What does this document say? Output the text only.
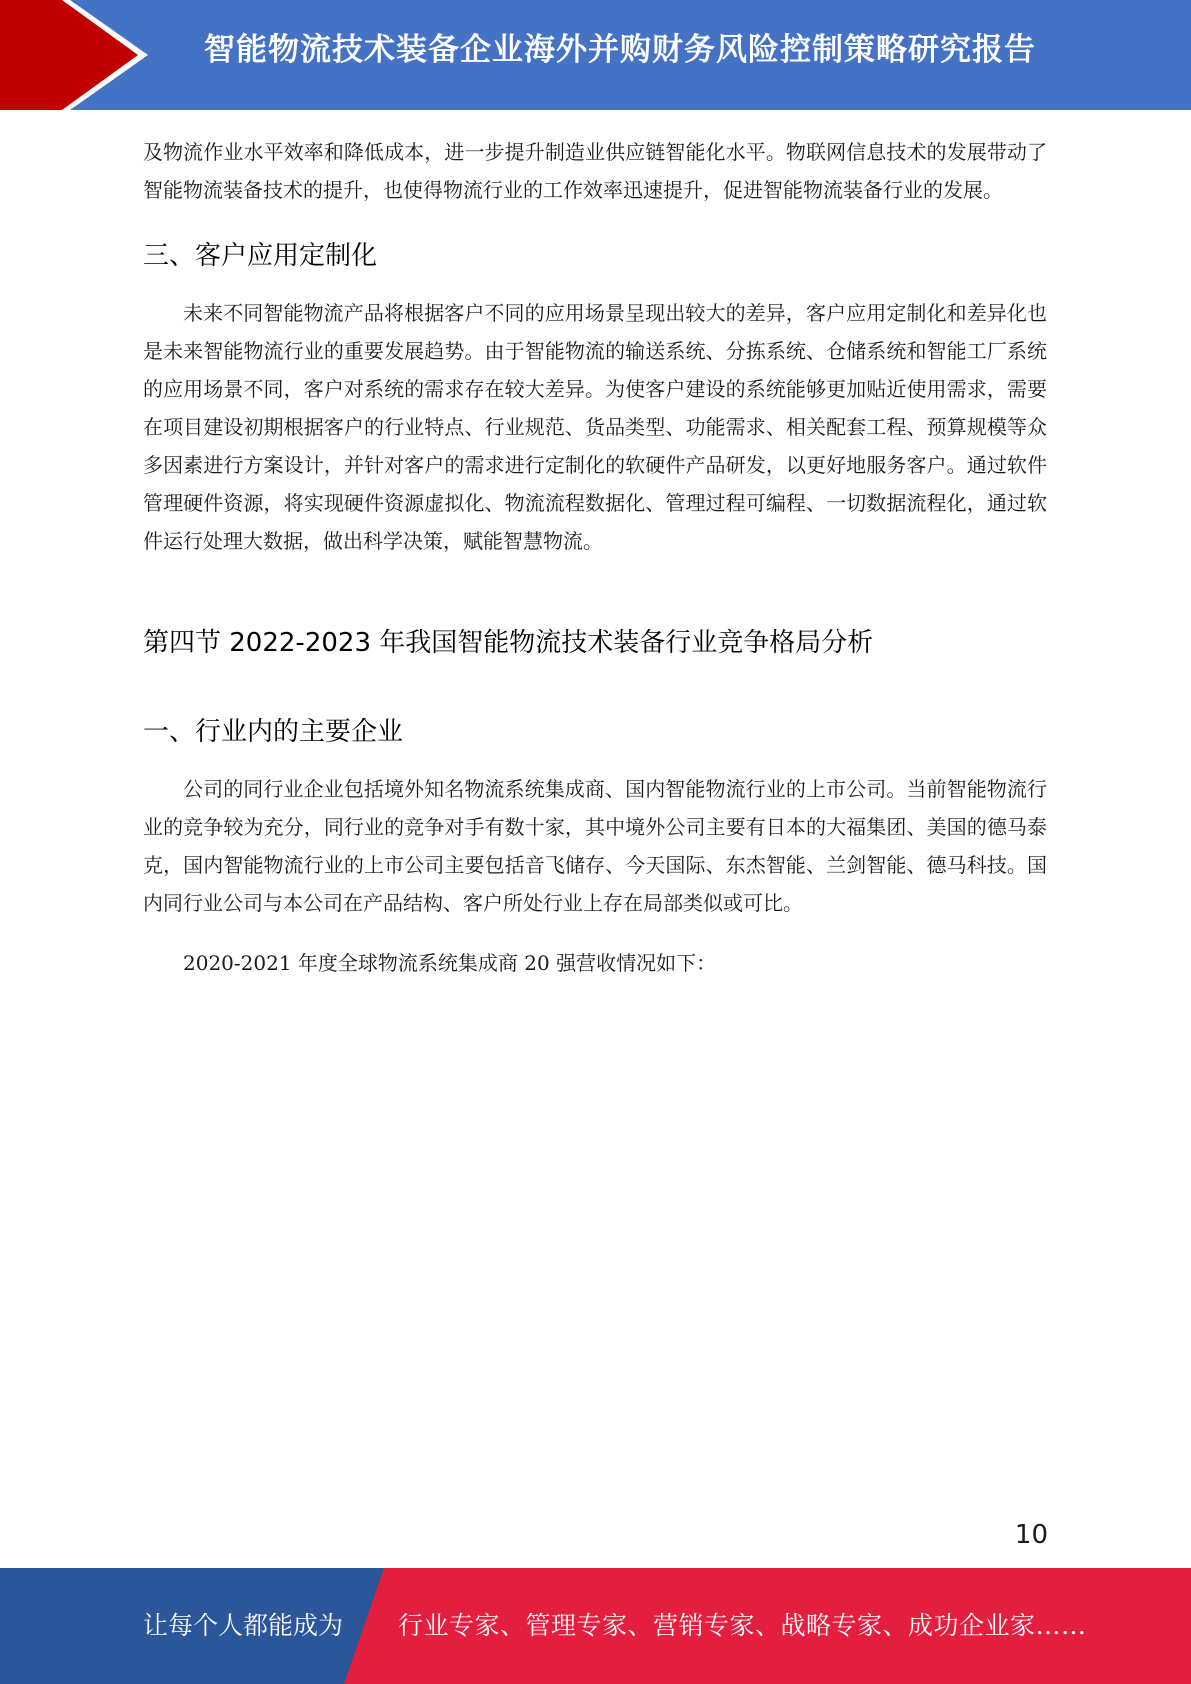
智能物流技术装备企业海外并购财务风险控制策略研究报告

及物流作业水平效率和降低成本，进一步提升制造业供应链智能化水平。物联网信息技术的发展带动了智能物流装备技术的提升，也使得物流行业的工作效率迅速提升，促进智能物流装备行业的发展。

三、客户应用定制化

未来不同智能物流产品将根据客户不同的应用场景呈现出较大的差异，客户应用定制化和差异化也是未来智能物流行业的重要发展趋势。由于智能物流的输送系统、分拣系统、仓储系统和智能工厂系统的应用场景不同，客户对系统的需求存在较大差异。为使客户建设的系统能够更加贴近使用需求，需要在项目建设初期根据客户的行业特点、行业规范、货品类型、功能需求、相关配套工程、预算规模等众多因素进行方案设计，并针对客户的需求进行定制化的软硬件产品研发，以更好地服务客户。通过软件管理硬件资源，将实现硬件资源虚拟化、物流流程数据化、管理过程可编程、一切数据流程化，通过软件运行处理大数据，做出科学决策，赋能智慧物流。

第四节 2022-2023 年我国智能物流技术装备行业竞争格局分析
一、行业内的主要企业

公司的同行业企业包括境外知名物流系统集成商、国内智能物流行业的上市公司。当前智能物流行业的竞争较为充分，同行业的竞争对手有数十家，其中境外公司主要有日本的大福集团、美国的德马泰克，国内智能物流行业的上市公司主要包括音飞储存、今天国际、东杰智能、兰剑智能、德马科技。国内同行业公司与本公司在产品结构、客户所处行业上存在局部类似或可比。

2020-2021 年度全球物流系统集成商 20 强营收情况如下：

10
让每个人都能成为 行业专家、管理专家、营销专家、战略专家、成功企业家……
